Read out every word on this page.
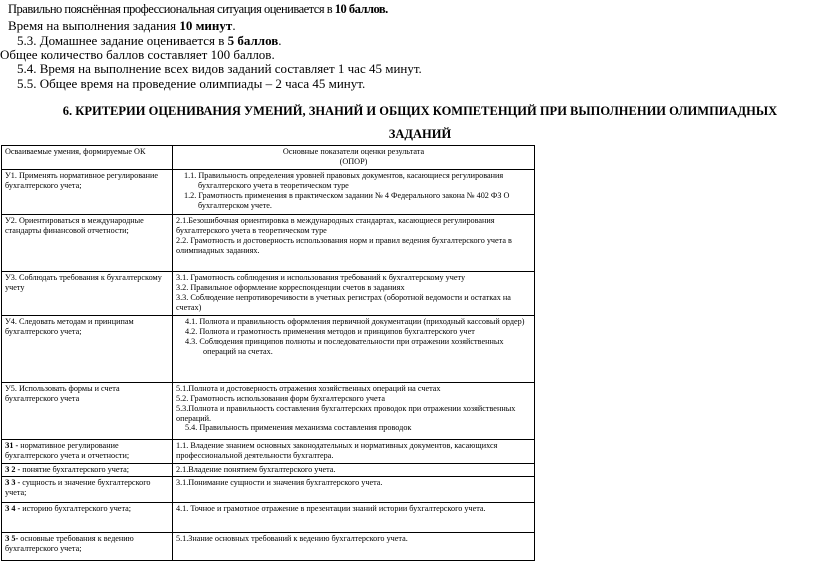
Правильно пояснённая профессиональная ситуация оценивается в 10 баллов.
Время на выполнения задания 10 минут.
5.3. Домашнее задание оценивается в 5 баллов.
Общее количество баллов составляет 100 баллов.
5.4. Время на выполнение всех видов заданий составляет 1 час 45 минут.
5.5. Общее время на проведение олимпиады – 2 часа 45 минут.
6. КРИТЕРИИ ОЦЕНИВАНИЯ УМЕНИЙ, ЗНАНИЙ И ОБЩИХ КОМПЕТЕНЦИЙ ПРИ ВЫПОЛНЕНИИ ОЛИМПИАДНЫХ ЗАДАНИЙ
Осваиваемые умения, формируемые ОК	Основные показатели оценки результата
(ОПОР)

У1. Применять нормативное регулирование бухгалтерского учета;	1.1. Правильность определения уровней правовых документов, касающиеся регулирования бухгалтерского учета в теоретическом туре
1.2. Грамотность применения в практическом задании № 4 Федерального закона № 402 ФЗ О бухгалтерском учете.

У2. Ориентироваться в международные стандарты финансовой отчетности;	2.1.Безошибочная ориентировка в международных стандартах, касающиеся регулирования бухгалтерского учета в теоретическом туре
2.2. Грамотность и достоверность использования норм и правил ведения бухгалтерского учета в олимпиадных заданиях.

У3. Соблюдать требования к бухгалтерскому учету	3.1. Грамотность соблюдения и использования требований к бухгалтерскому учету
3.2. Правильное оформление корреспонденции счетов в заданиях
3.3. Соблюдение непротиворечивости в учетных регистрах (оборотной ведомости и остатках на счетах)

У4. Следовать методам и принципам бухгалтерского учета;	4.1. Полнота и правильность оформления первичной документации (приходный кассовый ордер)
4.2. Полнота и грамотность применения методов и принципов бухгалтерского учет
4.3. Соблюдения принципов полноты и последовательности при отражении хозяйственных операций на счетах.

У5. Использовать формы и счета бухгалтерского учета	5.1.Полнота и достоверность отражения хозяйственных операций на счетах
5.2. Грамотность использования форм бухгалтерского учета
5.3.Полнота и правильность составления бухгалтерских проводок при отражении хозяйственных операций.
5.4. Правильность применения механизма составления проводок

З1 - нормативное регулирование бухгалтерского учета и отчетности;	1.1. Владение знанием основных законодательных и нормативных документов, касающихся профессиональной деятельности бухгалтера.

З 2 - понятие бухгалтерского учета;	2.1.Владение понятием бухгалтерского учета.

З 3 - сущность и значение бухгалтерского учета;	3.1.Понимание сущности и значения бухгалтерского учета.

З 4 - историю бухгалтерского учета;	4.1. Точное и грамотное отражение в презентации знаний истории бухгалтерского учета.

З 5- основные требования к ведению бухгалтерского учета;	5.1.Знание основных требований к ведению бухгалтерского учета.
